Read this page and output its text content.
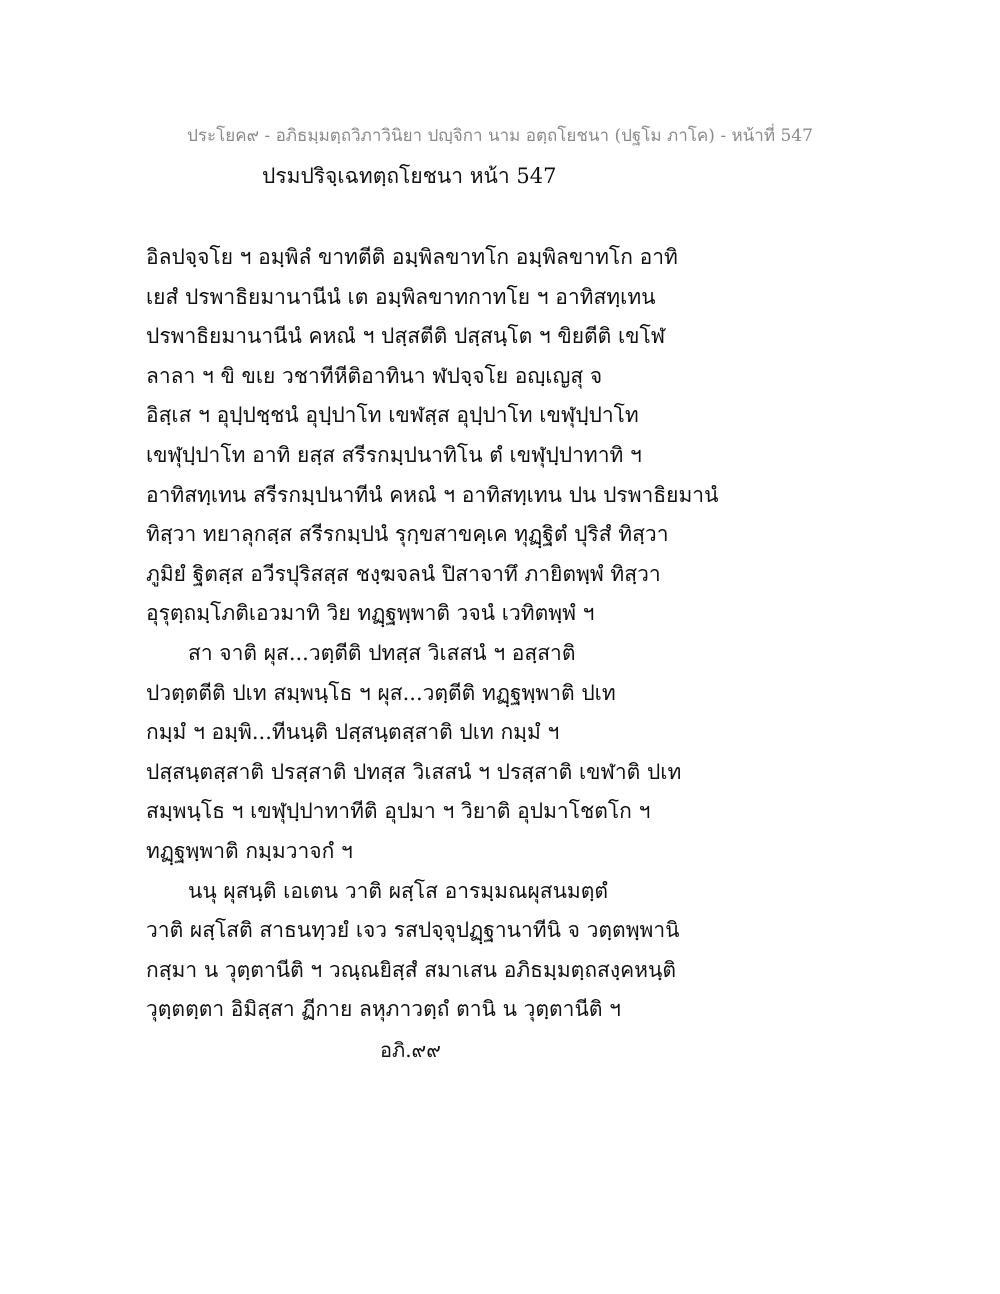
ประโยค๙ - อภิธมฺมตฺถวิภาวินิยา ปญฺจิกา นาม อตฺถโยชนา (ปฐโม ภาโค) - หน้าที่ 547
ปรมปริจฺเฉทตฺถโยชนา หน้า 547
อิลปจฺจโย ฯ อมฺพิลํ ขาทตีติ อมฺพิลขาทโก อมฺพิลขาทโก อาทิ
เยสํ ปรพาธิยมานานีนํ เต อมฺพิลขาทกาทโย ฯ อาทิสทฺเทน
ปรพาธิยมานานีนํ คหณํ ฯ ปสฺสตีติ ปสฺสนฺโต ฯ ขิยตีติ เขโฬ
ลาลา ฯ ขิ ขเย วชาทีหีติอาทินา ฬปจฺจโย อญฺเญสุ จ
อิสฺเส ฯ อุปฺปชฺชนํ อุปฺปาโท เขฬสฺส อุปฺปาโท เขฬุปฺปาโท
เขฬุปฺปาโท อาทิ ยสฺส สรีรกมฺปนาทิโน ตํ เขฬุปฺปาทาทิ ฯ
อาทิสทฺเทน สรีรกมฺปนาทีนํ คหณํ ฯ อาทิสทฺเทน ปน ปรพาธิยมานํ
ทิสฺวา ทยาลุกสฺส สรีรกมฺปนํ รุกฺขสาขคฺเค ทุฏฺฐิตํ ปุริสํ ทิสฺวา
ภูมิยํ ฐิตสฺส อวีรปุริสสฺส ชงฺฆจลนํ ปิสาจาทึ ภายิตพฺพํ ทิสฺวา
อุรุตฺถมฺโภติเอวมาทิ วิย ทฏฺฐพฺพาติ วจนํ เวทิตพฺพํ ฯ
สา จาติ ผุส...วตฺตีติ ปทสฺส วิเสสนํ ฯ อสฺสาติ
ปวตฺตตีติ ปเท สมฺพนฺโธ ฯ ผุส...วตฺตีติ ทฏฺฐพฺพาติ ปเท
กมฺมํ ฯ อมฺพิ...ทีนนฺติ ปสฺสนฺตสฺสาติ ปเท กมฺมํ ฯ
ปสฺสนฺตสฺสาติ ปรสฺสาติ ปทสฺส วิเสสนํ ฯ ปรสฺสาติ เขฬาติ ปเท
สมฺพนฺโธ ฯ เขฬุปฺปาทาทีติ อุปมา ฯ วิยาติ อุปมาโชตโก ฯ
ทฏฺฐพฺพาติ กมฺมวาจกํ ฯ
นนุ ผุสนฺติ เอเตน วาติ ผสฺโส อารมฺมณผุสนมตฺตํ
วาติ ผสฺโสติ สาธนทฺวยํ เจว รสปจฺจุปฏฺฐานาทีนิ จ วตฺตพฺพานิ
กสฺมา น วุตฺตานีติ ฯ วณฺณยิสฺสํ สมาเสน อภิธมฺมตฺถสงฺคหนฺติ
วุตฺตตฺตา อิมิสฺสา ฏีกาย ลหุภาวตฺถํ ตานิ น วุตฺตานีติ ฯ
อภิ.๙๙
